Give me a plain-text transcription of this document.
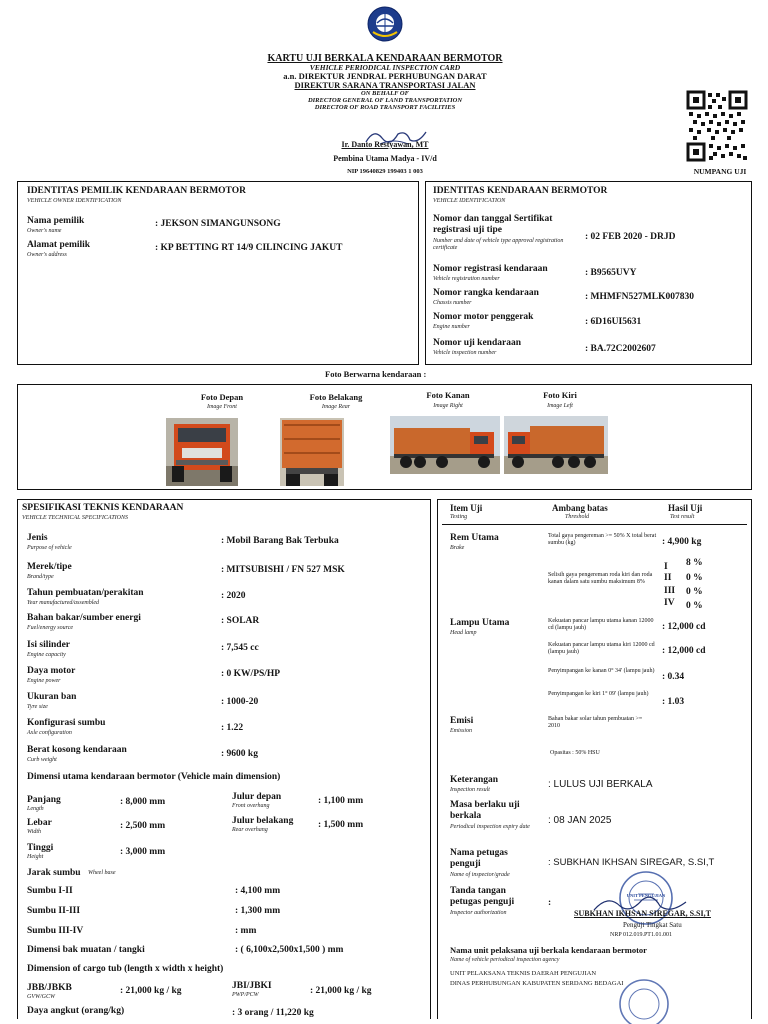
KARTU UJI BERKALA KENDARAAN BERMOTOR
VEHICLE PERIODICAL INSPECTION CARD
a.n. DIREKTUR JENDRAL PERHUBUNGAN DARAT
DIREKTUR SARANA TRANSPORTASI JALAN
ON BEHALF OF
DIRECTOR GENERAL OF LAND TRANSPORTATION
DIRECTOR OF ROAD TRANSPORT FACILITIES
Ir. Danto Restyawan, MT
Pembina Utama Madya - IV/d
NIP 19640829 199403 1 003	NUMPANG UJI
IDENTITAS PEMILIK KENDARAAN BERMOTOR
VEHICLE OWNER IDENTIFICATION
Nama pemilik
Owner's name
: JEKSON SIMANGUNSONG
Alamat pemilik
Owner's address
: KP BETTING RT 14/9 CILINCING JAKUT
IDENTITAS KENDARAAN BERMOTOR
VEHICLE IDENTIFICATION
Nomor dan tanggal Sertifikat registrasi uji tipe
Number and date of vehicle type approval registration certificate
: 02 FEB 2020 - DRJD
Nomor registrasi kendaraan
Vehicle registration number
: B9565UVY
Nomor rangka kendaraan
Chassis number
: MHMFN527MLK007830
Nomor motor penggerak
Engine number	: 6D16UI5631
Nomor uji kendaraan
Vehicle inspection number	: BA.72C2002607
Foto Berwarna kendaraan :
Foto Depan
Image Front
Foto Belakang
Image Rear
Foto Kanan
Image Right
Foto Kiri
Image Left
SPESIFIKASI TEKNIS KENDARAAN
VEHICLE TECHNICAL SPECIFICATIONS
Jenis
Purpose of vehicle
: Mobil Barang Bak Terbuka
Merek/tipe
Brand/type
: MITSUBISHI / FN 527 MSK
Tahun pembuatan/perakitan
Year manufactured/assembled
: 2020
Bahan bakar/sumber energi
Fuel/energy source
: SOLAR
Isi silinder
Engine capacity
: 7,545 cc
Daya motor
Engine power
: 0 KW/PS/HP
Ukuran ban
Tyre size	: 1000-20
Konfigurasi sumbu
Axle configuration	: 1.22
Berat kosong kendaraan
Curb weight
: 9600 kg
Dimensi utama kendaraan bermotor (Vehicle main dimension)
Panjang
Length
: 8,000 mm	Julur depan
Front overhang	: 1,100 mm
Lebar
Width
: 2,500 mm	Julur belakang
Rear overhang	: 1,500 mm
Tinggi
Height	: 3,000 mm
Jarak sumbu Wheel base
Sumbu I-II	: 4,100 mm
Sumbu II-III	: 1,300 mm
Sumbu III-IV	: mm
Dimensi bak muatan / tangki	: ( 6,100x2,500x1,500 ) mm
Dimension of cargo tub (length x width x height)
JBB/JBKB
GVW/GCW
: 21,000 kg / kg	JBI/JBKI
PWP/PCW	: 21,000 kg / kg
Daya angkut (orang/kg)	: 3 orang / 11,220 kg
Item Uji
Testing
Ambang batas
Threshold
Hasil Uji
Test result
Rem Utama
Brake
Total gaya pengereman >= 50% X total berat sumbu (kg)	: 4,900 kg
Selisih gaya pengereman roda kiri dan roda kanan dalam satu sumbu maksimum 8%
I 8 %
II 0 %
III 0 %
IV 0 %
Lampu Utama
Head lamp
Kekuatan pancar lampu utama kanan 12000 cd (lampu jauh)	: 12,000 cd
Kekuatan pancar lampu utama kiri 12000 cd (lampu jauh)	: 12,000 cd
Penyimpangan ke kanan 0° 34' (lampu jauh)
: 0.34
Penyimpangan ke kiri 1° 09' (lampu jauh)
: 1.03
Emisi
Emission
Bahan bakar solar tahun pembuatan >= 2010
Opasitas : 50% HSU
Keterangan
Inspection result	: LULUS UJI BERKALA
Masa berlaku uji berkala
Periodical inspection expiry date
: 08 JAN 2025
Nama petugas penguji
Name of inspector/grade
: SUBKHAN IKHSAN SIREGAR, S.SI,T
Tanda tangan petugas penguji
Inspector authorization
:
UNIT PENGUJIAN
SUBKHAN IKHSAN SIREGAR, S.SI,T
Penguji Tingkat Satu
NRP 012.019.PT1.01.001
Nama unit pelaksana uji berkala kendaraan bermotor
Name of vehicle periodical inspection agency
UNIT PELAKSANA TEKNIS DAERAH PENGUJIAN
DINAS PERHUBUNGAN KABUPATEN SERDANG BEDAGAI
